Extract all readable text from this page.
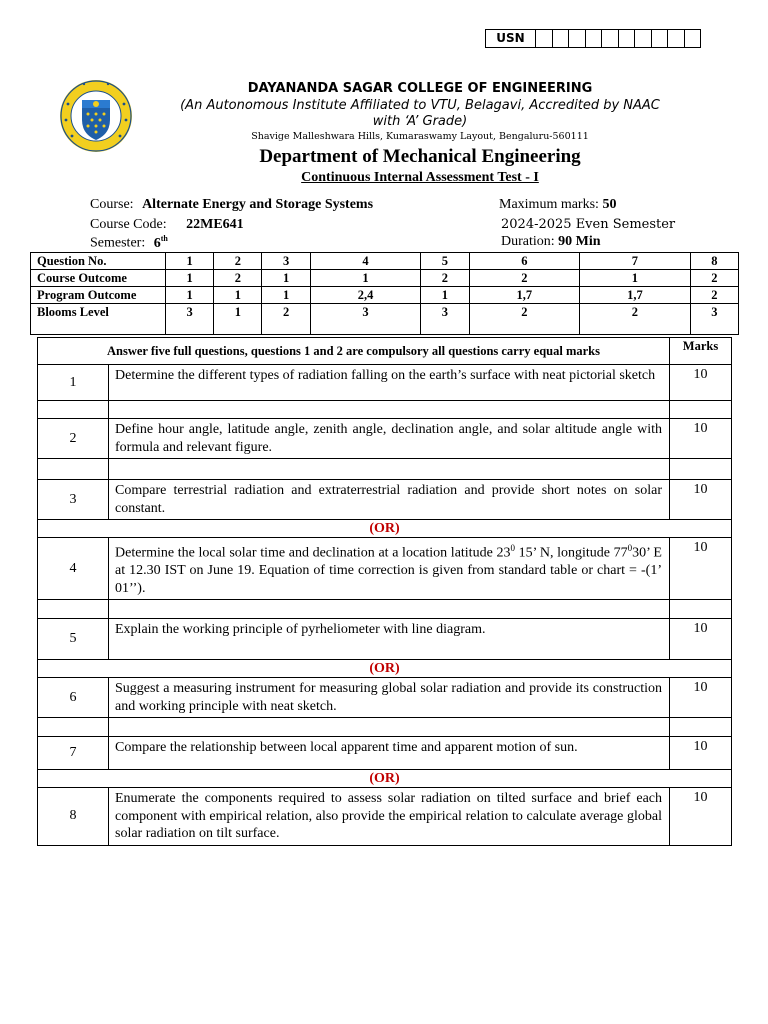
USN
DAYANANDA SAGAR COLLEGE OF ENGINEERING
(An Autonomous Institute Affiliated to VTU, Belagavi, Accredited by NAAC
with ‘A’ Grade)
Shavige Malleshwara Hills, Kumaraswamy Layout, Bengaluru-560111
Department of Mechanical Engineering
Continuous Internal Assessment Test - I
Course: Alternate Energy and Storage Systems
Course Code: 22ME641
Semester: 6th
Maximum marks: 50
2024-2025 Even Semester
Duration: 90 Min
Question No.	1	2	3	4	5	6	7	8
Course Outcome	1	2	1	1	2	2	1	2
Program Outcome	1	1	1	2,4	1	1,7	1,7	2
Blooms Level	3	1	2	3	3	2	2	3
Answer five full questions, questions 1 and 2 are compulsory all questions carry equal marks		Marks
1	Determine the different types of radiation falling on the earth’s surface with neat pictorial sketch	10

2	Define hour angle, latitude angle, zenith angle, declination angle, and solar altitude angle with formula and relevant figure.	10

3	Compare terrestrial radiation and extraterrestrial radiation and provide short notes on solar constant.	10
(OR)		
4	Determine the local solar time and declination at a location latitude $23^0$ 15’ N, longitude $77^030$’ E at 12.30 IST on June 19. Equation of time correction is given from standard table or chart = -(1’ 01’’).	10

5	Explain the working principle of pyrheliometer with line diagram.	10
(OR)		
6	Suggest a measuring instrument for measuring global solar radiation and provide its construction and working principle with neat sketch.	10

7	Compare the relationship between local apparent time and apparent motion of sun.	10
(OR)		
8	Enumerate the components required to assess solar radiation on tilted surface and brief each component with empirical relation, also provide the empirical relation to calculate average global solar radiation on tilt surface.	10
